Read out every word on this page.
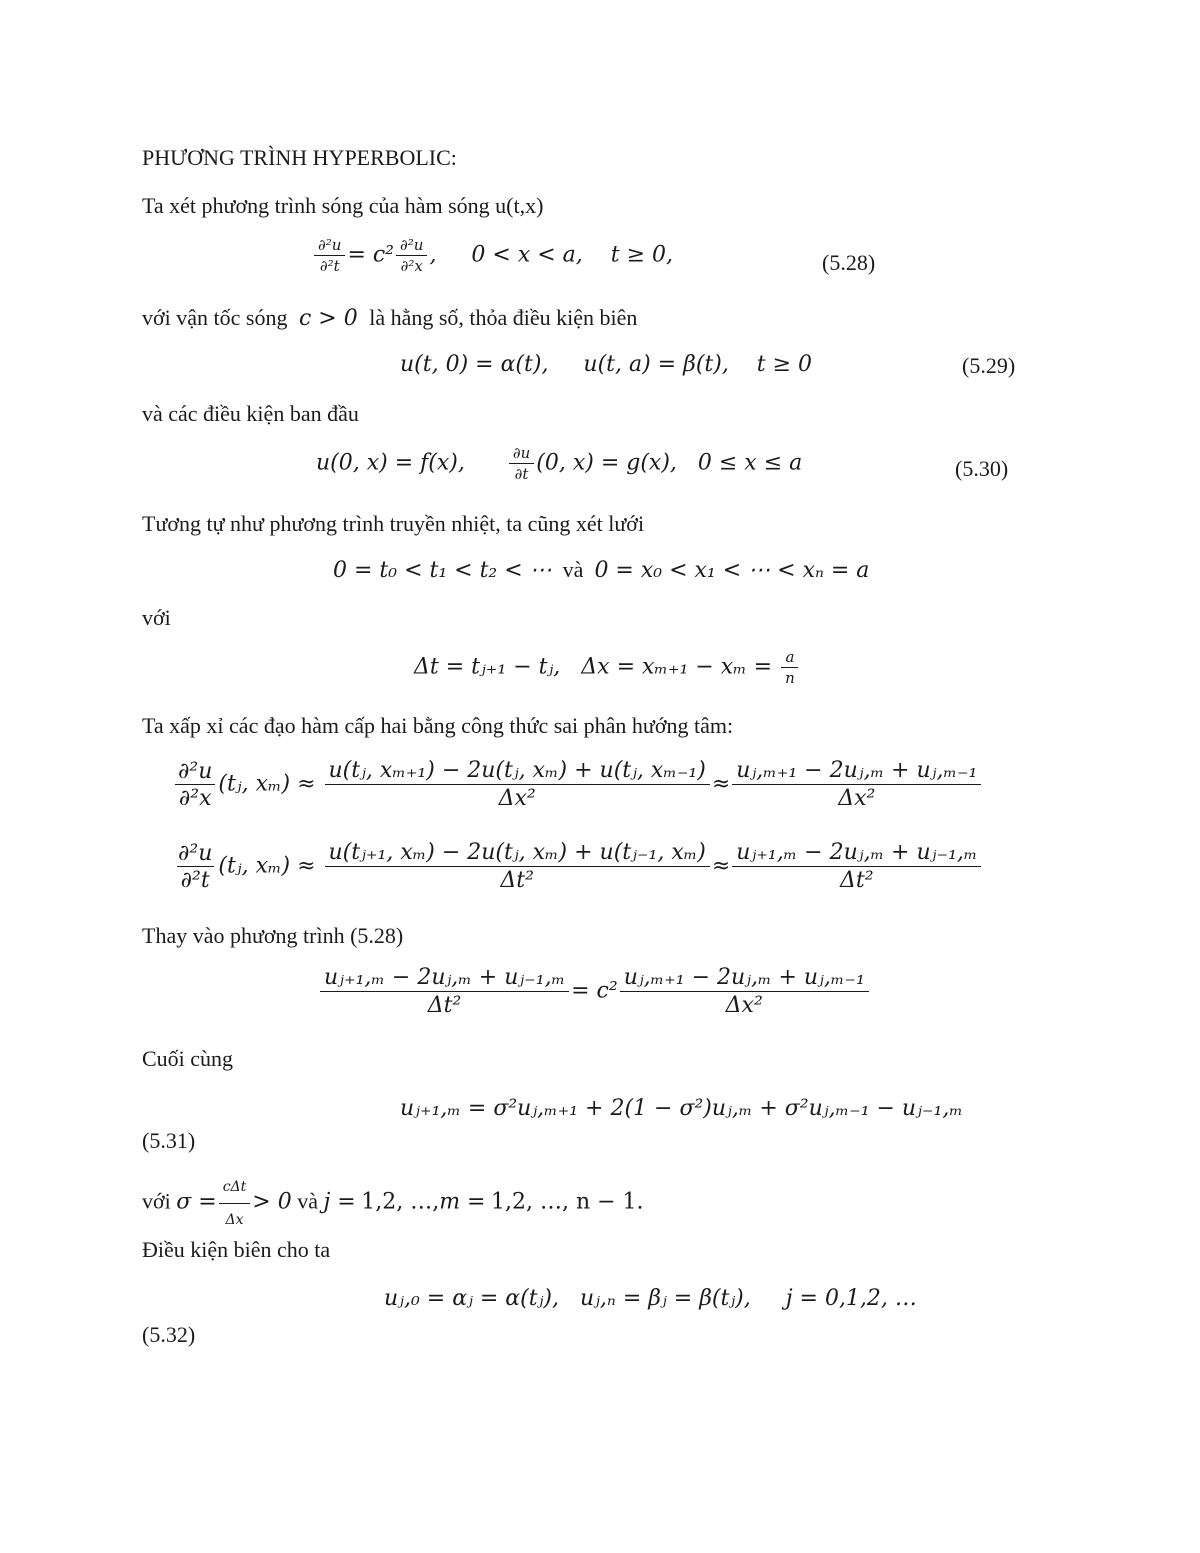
PHƯƠNG TRÌNH HYPERBOLIC:
Ta xét phương trình sóng của hàm sóng u(t,x)
$\frac{\text{∂²u}}{\text{∂²t}} = c^2 \frac{\text{∂²u}}{\text{∂²x}}$ ,     0 < x < a,    t ≥ 0,	(5.28)
với vận tốc sóng c > 0 là hằng số, thỏa điều kiện biên
u(t, 0) = α(t),     u(t, a) = β(t),    t ≥ 0	(5.29)
và các điều kiện ban đầu
u(0, x) = f(x),	$\frac{\partial u}{\partial t} (0$, x) = g(x),   0 ≤ x ≤ a	(5.30)
Tương tự như phương trình truyền nhiệt, ta cũng xét lưới
0 = t₀ < t₁ < t₂ < ⋯ và 0 = x₀ < x₁ < ⋯ < xₙ = a
với
Δt = tⱼ₊₁ − tⱼ,   $\Delta x = x_{m+1} - x_m = \frac{a}{n}$
Ta xấp xỉ các đạo hàm cấp hai bằng công thức sai phân hướng tâm:
$\frac{\text{∂²u}}{\text{∂²x}}$ (tⱼ, $x_m) \approx \frac{\text{u(tⱼ, xₘ₊₁) − 2u(tⱼ, xₘ) + u(tⱼ, xₘ₋₁)}}{\text{Δx²}} \approx \frac{\text{uⱼ,ₘ₊₁ − 2uⱼ,ₘ + uⱼ,ₘ₋₁}}{\text{Δx²}}$
$\frac{\text{∂²u}}{\text{∂²t}}$ (tⱼ, $x_m) \approx \frac{\text{u(tⱼ₊₁, xₘ) − 2u(tⱼ, xₘ) + u(tⱼ₋₁, xₘ)}}{\text{Δt²}} \approx \frac{\text{uⱼ₊₁,ₘ − 2uⱼ,ₘ + uⱼ₋₁,ₘ}}{\text{Δt²}}$
Thay vào phương trình (5.28)
$\frac{\text{uⱼ₊₁,ₘ − 2uⱼ,ₘ + uⱼ₋₁,ₘ}}{\text{Δt²}} = c^2 \frac{\text{uⱼ,ₘ₊₁ − 2uⱼ,ₘ + uⱼ,ₘ₋₁}}{\text{Δx²}}$
Cuối cùng
uⱼ₊₁,ₘ = σ²uⱼ,ₘ₊₁ + 2(1 − σ²)uⱼ,ₘ + σ²uⱼ,ₘ₋₁ − uⱼ₋₁,ₘ
(5.31)
với $\sigma = \frac{\text{cΔt}}{\Delta x} > 0$ và j = 1,2, …,m = 1,2, …, n − 1.
Điều kiện biên cho ta
uⱼ,₀ = αⱼ = α(tⱼ),   uⱼ,ₙ = βⱼ = β(tⱼ),     j = 0,1,2, …
(5.32)
